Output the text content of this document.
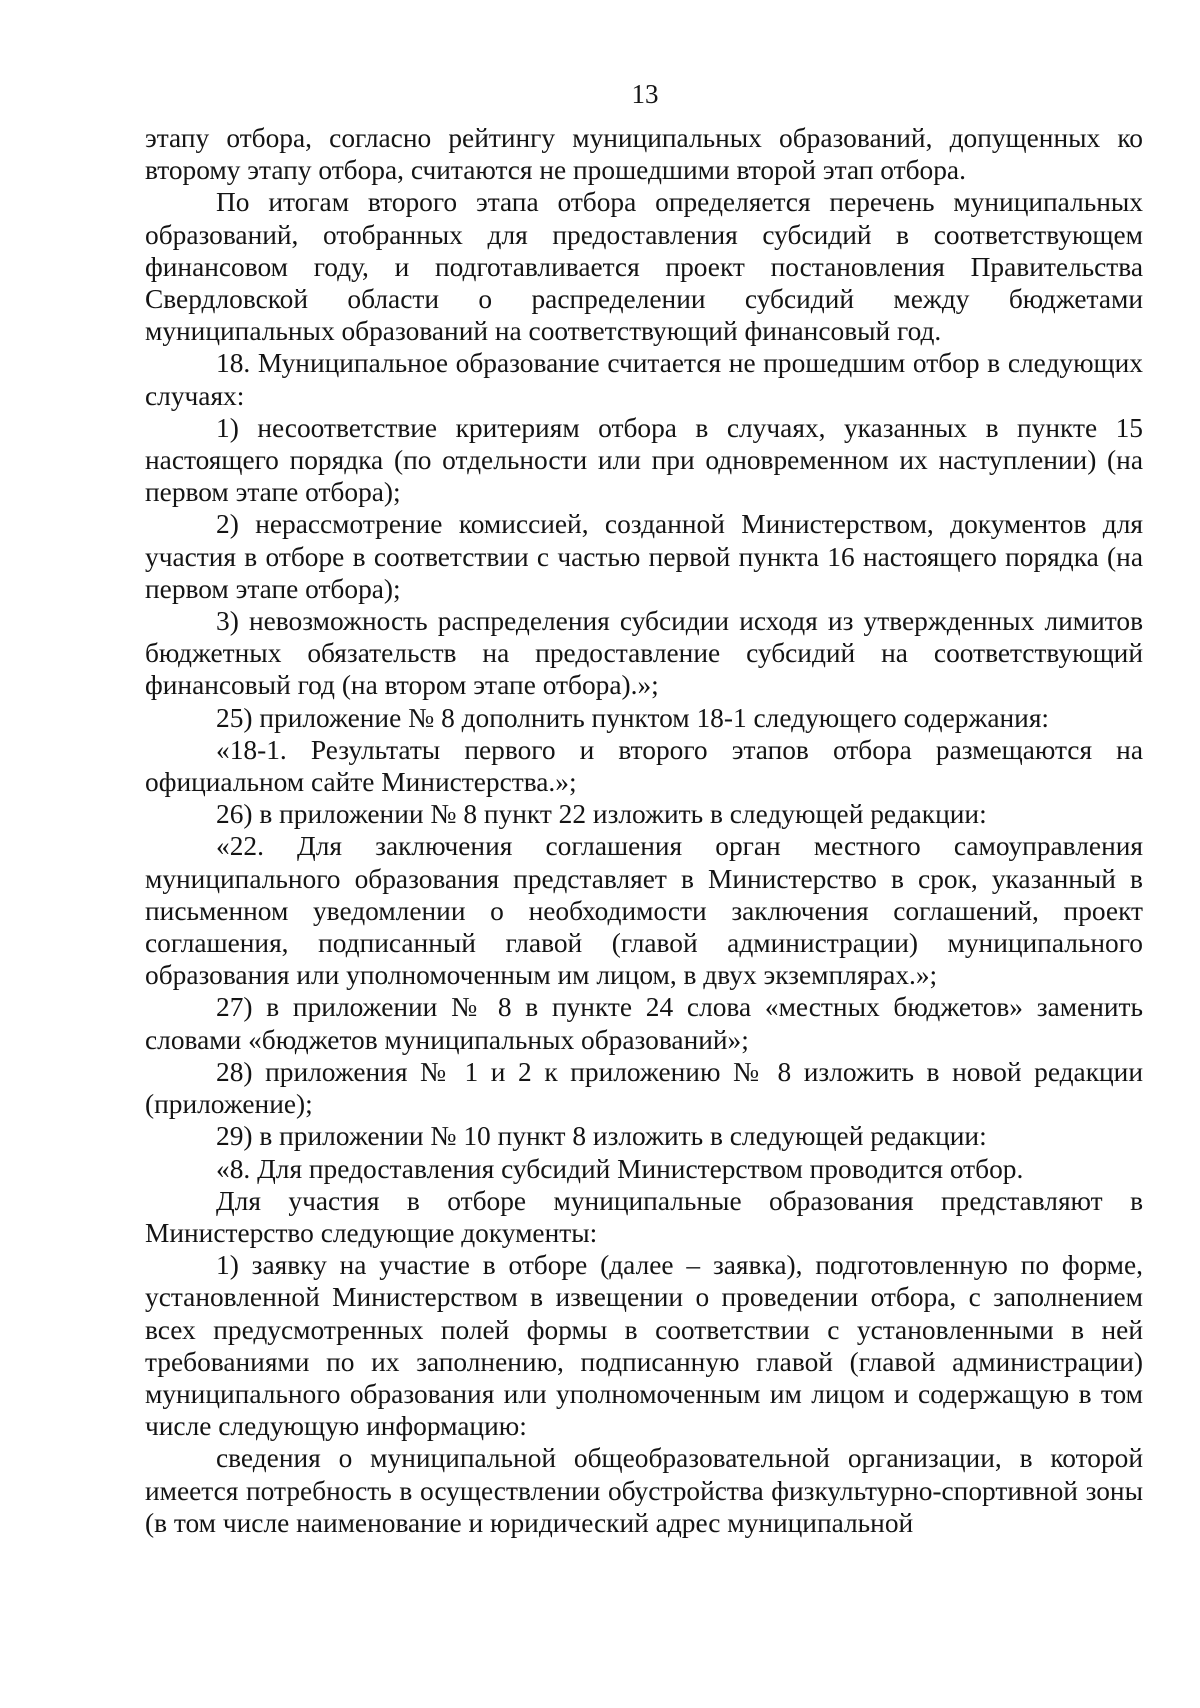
13

этапу отбора, согласно рейтингу муниципальных образований, допущенных ко второму этапу отбора, считаются не прошедшими второй этап отбора.

По итогам второго этапа отбора определяется перечень муниципальных образований, отобранных для предоставления субсидий в соответствующем финансовом году, и подготавливается проект постановления Правительства Свердловской области о распределении субсидий между бюджетами муниципальных образований на соответствующий финансовый год.

18. Муниципальное образование считается не прошедшим отбор в следующих случаях:

1) несоответствие критериям отбора в случаях, указанных в пункте 15 настоящего порядка (по отдельности или при одновременном их наступлении) (на первом этапе отбора);

2) нерассмотрение комиссией, созданной Министерством, документов для участия в отборе в соответствии с частью первой пункта 16 настоящего порядка (на первом этапе отбора);

3) невозможность распределения субсидии исходя из утвержденных лимитов бюджетных обязательств на предоставление субсидий на соответствующий финансовый год (на втором этапе отбора).»;

25) приложение № 8 дополнить пунктом 18-1 следующего содержания:

«18-1. Результаты первого и второго этапов отбора размещаются на официальном сайте Министерства.»;

26) в приложении № 8 пункт 22 изложить в следующей редакции:

«22. Для заключения соглашения орган местного самоуправления муниципального образования представляет в Министерство в срок, указанный в письменном уведомлении о необходимости заключения соглашений, проект соглашения, подписанный главой (главой администрации) муниципального образования или уполномоченным им лицом, в двух экземплярах.»;

27) в приложении № 8 в пункте 24 слова «местных бюджетов» заменить словами «бюджетов муниципальных образований»;

28) приложения № 1 и 2 к приложению № 8 изложить в новой редакции (приложение);

29) в приложении № 10 пункт 8 изложить в следующей редакции:

«8. Для предоставления субсидий Министерством проводится отбор.

Для участия в отборе муниципальные образования представляют в Министерство следующие документы:

1) заявку на участие в отборе (далее – заявка), подготовленную по форме, установленной Министерством в извещении о проведении отбора, с заполнением всех предусмотренных полей формы в соответствии с установленными в ней требованиями по их заполнению, подписанную главой (главой администрации) муниципального образования или уполномоченным им лицом и содержащую в том числе следующую информацию:

сведения о муниципальной общеобразовательной организации, в которой имеется потребность в осуществлении обустройства физкультурно-спортивной зоны (в том числе наименование и юридический адрес муниципальной
